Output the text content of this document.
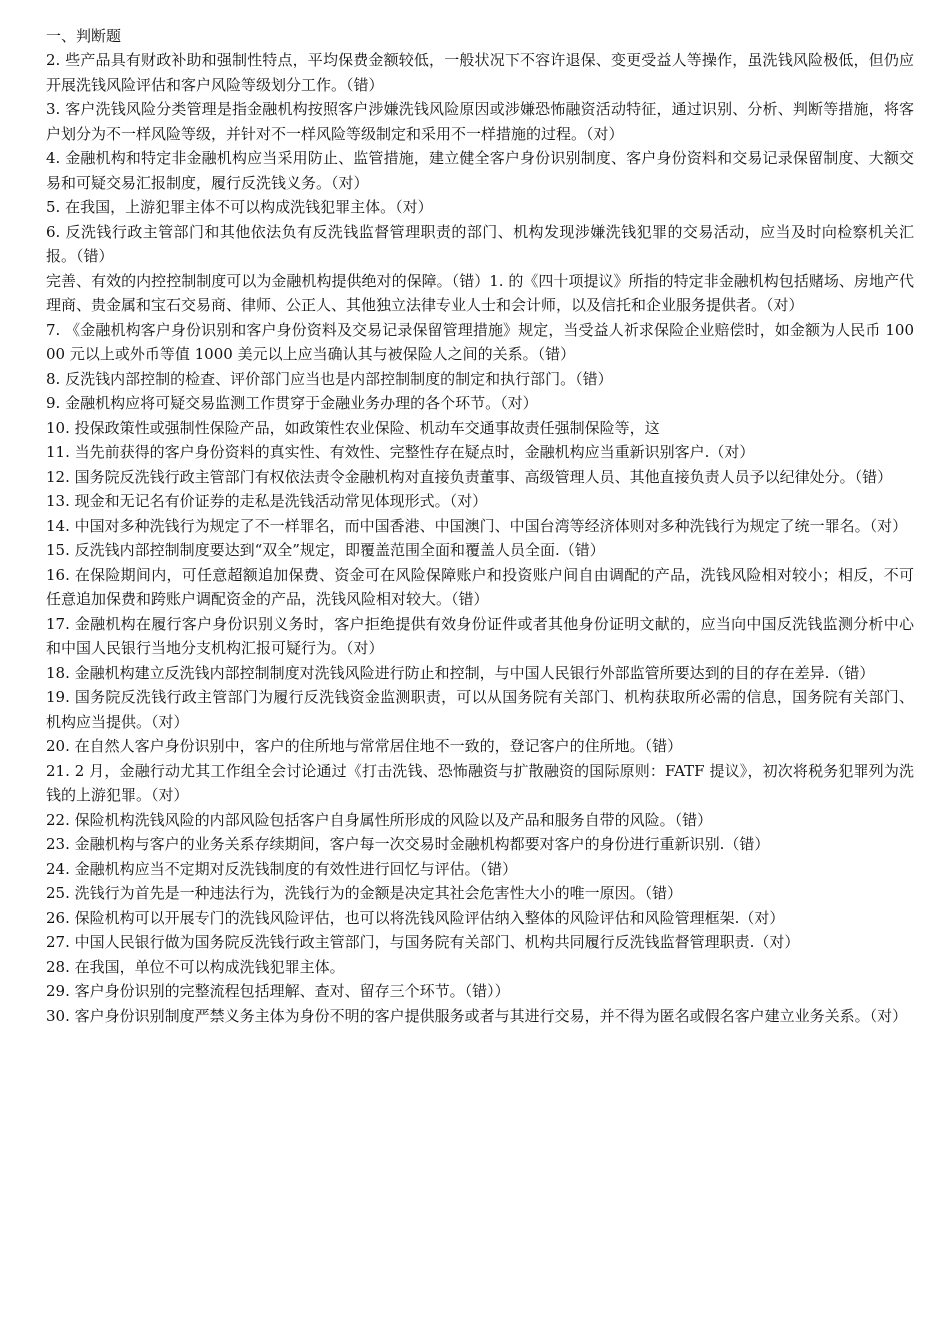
一、判断题

2. 些产品具有财政补助和强制性特点，平均保费金额较低，一般状况下不容许退保、变更受益人等操作，虽洗钱风险极低，但仍应开展洗钱风险评估和客户风险等级划分工作。（错）

3. 客户洗钱风险分类管理是指金融机构按照客户涉嫌洗钱风险原因或涉嫌恐怖融资活动特征，通过识别、分析、判断等措施，将客户划分为不一样风险等级，并针对不一样风险等级制定和采用不一样措施的过程。（对）

4. 金融机构和特定非金融机构应当采用防止、监管措施，建立健全客户身份识别制度、客户身份资料和交易记录保留制度、大额交易和可疑交易汇报制度，履行反洗钱义务。（对）

5. 在我国，上游犯罪主体不可以构成洗钱犯罪主体。（对）

6. 反洗钱行政主管部门和其他依法负有反洗钱监督管理职责的部门、机构发现涉嫌洗钱犯罪的交易活动，应当及时向检察机关汇报。（错）

完善、有效的内控控制制度可以为金融机构提供绝对的保障。（错）1. 的《四十项提议》所指的特定非金融机构包括赌场、房地产代理商、贵金属和宝石交易商、律师、公正人、其他独立法律专业人士和会计师，以及信托和企业服务提供者。（对）

7. 《金融机构客户身份识别和客户身份资料及交易记录保留管理措施》规定，当受益人祈求保险企业赔偿时，如金额为人民币 10000 元以上或外币等值 1000 美元以上应当确认其与被保险人之间的关系。（错）

8. 反洗钱内部控制的检查、评价部门应当也是内部控制制度的制定和执行部门。（错）

9. 金融机构应将可疑交易监测工作贯穿于金融业务办理的各个环节。（对）

10. 投保政策性或强制性保险产品，如政策性农业保险、机动车交通事故责任强制保险等，这

11. 当先前获得的客户身份资料的真实性、有效性、完整性存在疑点时，金融机构应当重新识别客户.（对）

12. 国务院反洗钱行政主管部门有权依法责令金融机构对直接负责董事、高级管理人员、其他直接负责人员予以纪律处分。（错）

13. 现金和无记名有价证券的走私是洗钱活动常见体现形式。（对）

14. 中国对多种洗钱行为规定了不一样罪名，而中国香港、中国澳门、中国台湾等经济体则对多种洗钱行为规定了统一罪名。（对）

15. 反洗钱内部控制制度要达到“双全”规定，即覆盖范围全面和覆盖人员全面.（错）

16. 在保险期间内，可任意超额追加保费、资金可在风险保障账户和投资账户间自由调配的产品，洗钱风险相对较小；相反，不可任意追加保费和跨账户调配资金的产品，洗钱风险相对较大。（错）

17. 金融机构在履行客户身份识别义务时，客户拒绝提供有效身份证件或者其他身份证明文献的，应当向中国反洗钱监测分析中心和中国人民银行当地分支机构汇报可疑行为。（对）

18. 金融机构建立反洗钱内部控制制度对洗钱风险进行防止和控制，与中国人民银行外部监管所要达到的目的存在差异.（错）

19. 国务院反洗钱行政主管部门为履行反洗钱资金监测职责，可以从国务院有关部门、机构获取所必需的信息，国务院有关部门、机构应当提供。（对）

20. 在自然人客户身份识别中，客户的住所地与常常居住地不一致的，登记客户的住所地。（错）

21. 2 月，金融行动尤其工作组全会讨论通过《打击洗钱、恐怖融资与扩散融资的国际原则：FATF 提议》，初次将税务犯罪列为洗钱的上游犯罪。（对）

22. 保险机构洗钱风险的内部风险包括客户自身属性所形成的风险以及产品和服务自带的风险。（错）

23. 金融机构与客户的业务关系存续期间，客户每一次交易时金融机构都要对客户的身份进行重新识别.（错）

24. 金融机构应当不定期对反洗钱制度的有效性进行回忆与评估。（错）

25. 洗钱行为首先是一种违法行为，洗钱行为的金额是决定其社会危害性大小的唯一原因。（错）

26. 保险机构可以开展专门的洗钱风险评估，也可以将洗钱风险评估纳入整体的风险评估和风险管理框架.（对）

27. 中国人民银行做为国务院反洗钱行政主管部门，与国务院有关部门、机构共同履行反洗钱监督管理职责.（对）

28. 在我国，单位不可以构成洗钱犯罪主体。

29. 客户身份识别的完整流程包括理解、查对、留存三个环节。（错））

30. 客户身份识别制度严禁义务主体为身份不明的客户提供服务或者与其进行交易，并不得为匿名或假名客户建立业务关系。（对）
